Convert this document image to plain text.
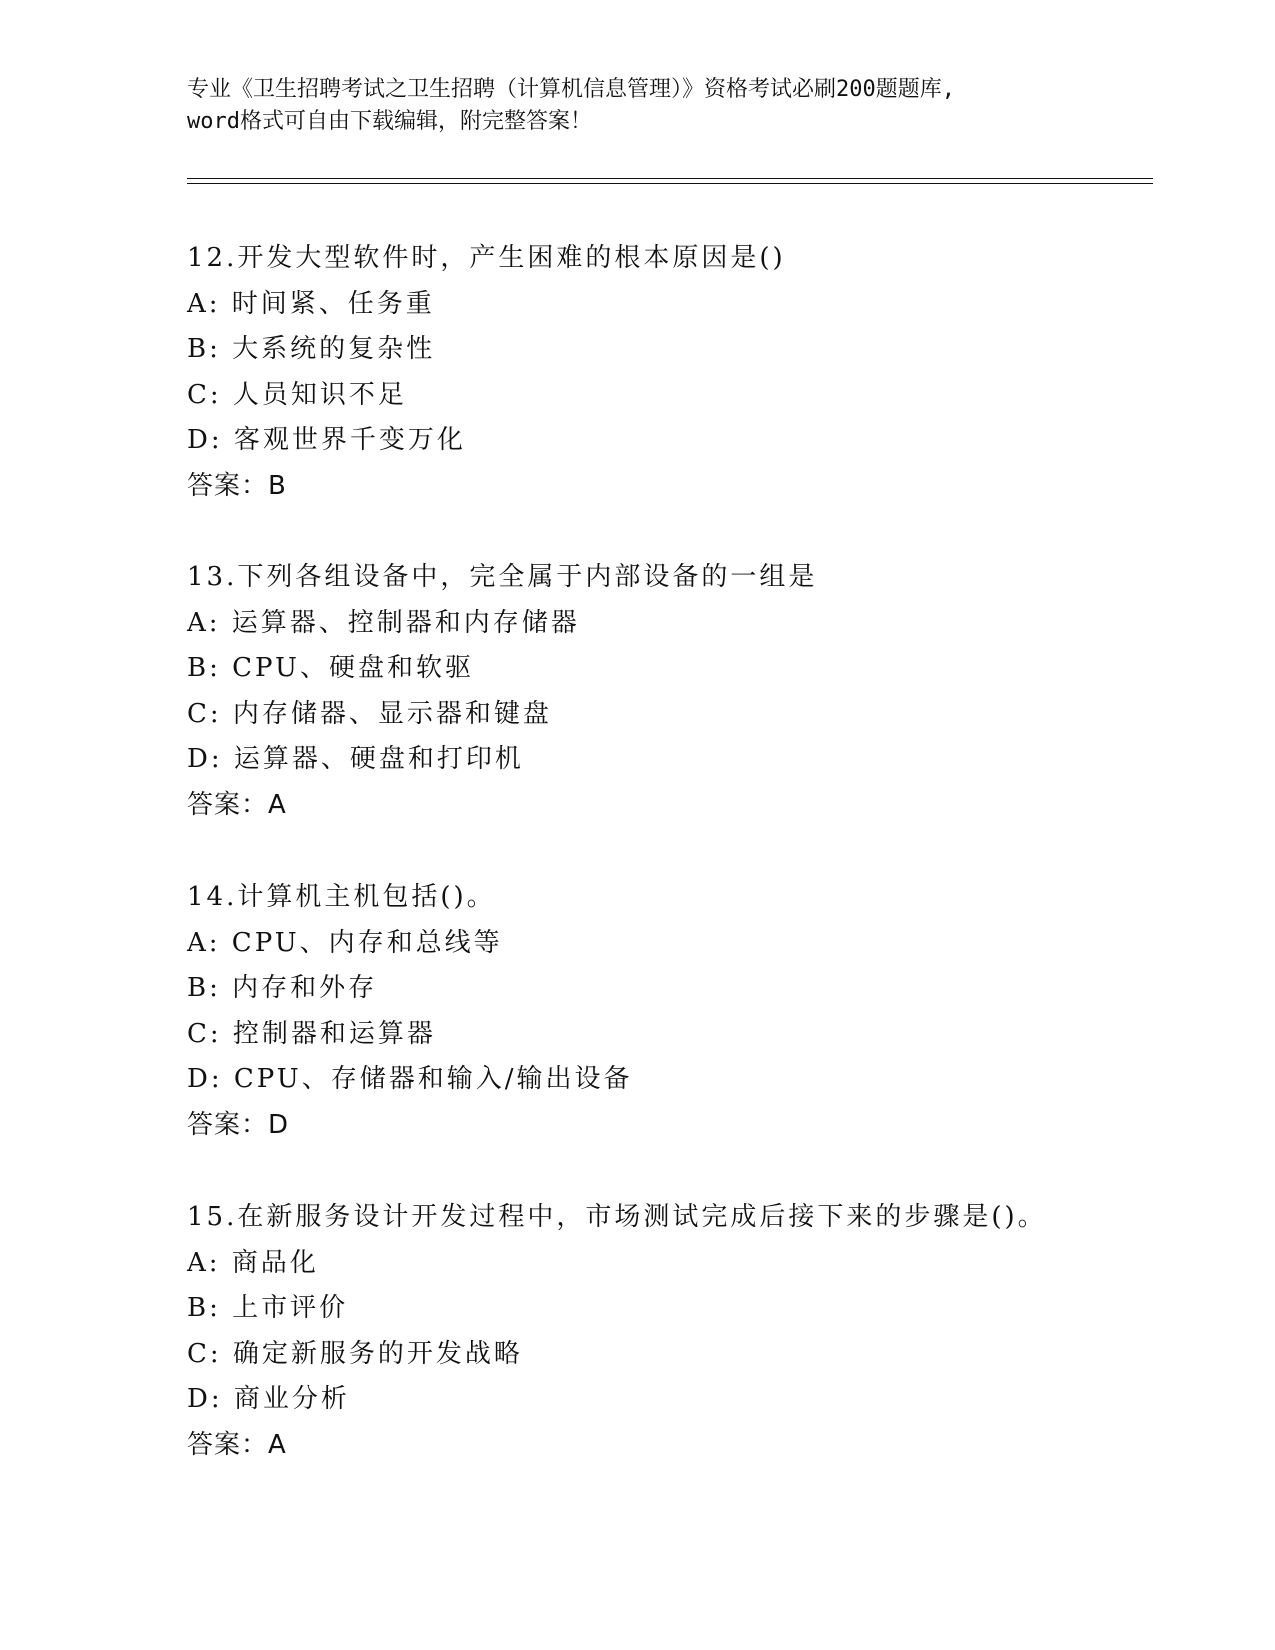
专业《卫生招聘考试之卫生招聘（计算机信息管理）》资格考试必刷200题题库,
word格式可自由下载编辑，附完整答案！
12.开发大型软件时，产生困难的根本原因是()
A: 时间紧、任务重
B: 大系统的复杂性
C: 人员知识不足
D: 客观世界千变万化
答案：B
13.下列各组设备中，完全属于内部设备的一组是
A: 运算器、控制器和内存储器
B: CPU、硬盘和软驱
C: 内存储器、显示器和键盘
D: 运算器、硬盘和打印机
答案：A
14.计算机主机包括()。
A: CPU、内存和总线等
B: 内存和外存
C: 控制器和运算器
D: CPU、存储器和输入/输出设备
答案：D
15.在新服务设计开发过程中，市场测试完成后接下来的步骤是()。
A: 商品化
B: 上市评价
C: 确定新服务的开发战略
D: 商业分析
答案：A
